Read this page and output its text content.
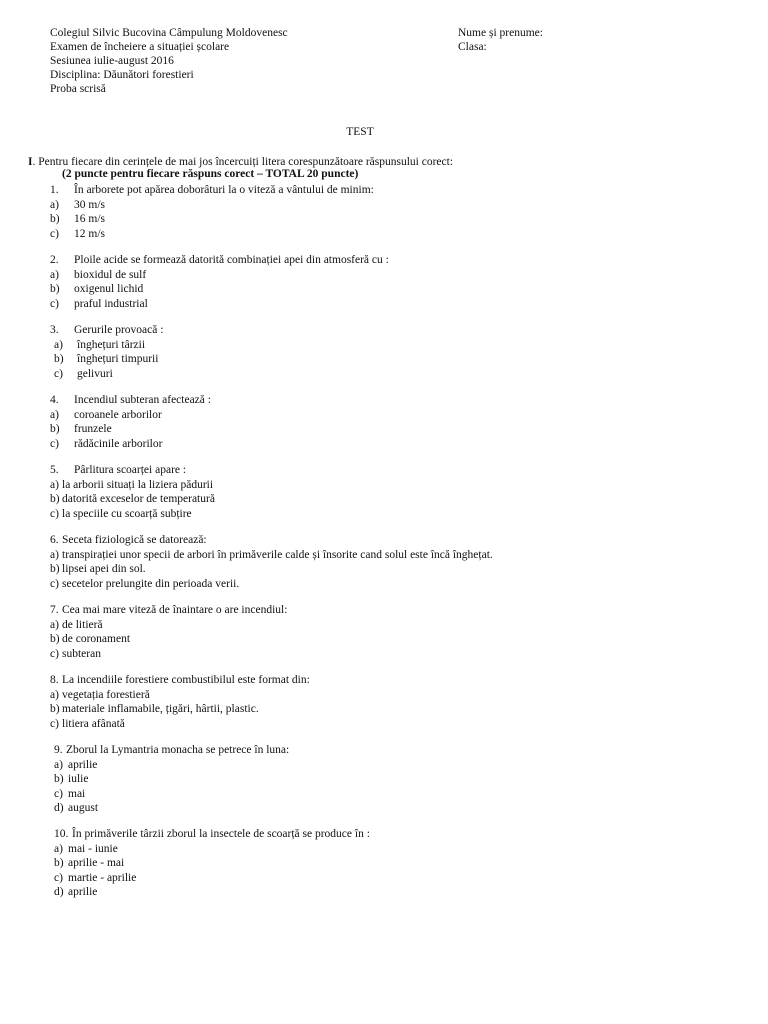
Colegiul Silvic Bucovina Câmpulung Moldovenesc
Examen de încheiere a situației școlare
Sesiunea iulie-august 2016
Disciplina: Dăunători forestieri
Proba scrisă
Nume și prenume:
Clasa:
TEST
I. Pentru fiecare din cerințele de mai jos încercuiți litera corespunzătoare răspunsului corect:
(2 puncte pentru fiecare răspuns corect – TOTAL 20 puncte)
1. În arborete pot apărea doborâturi la o viteză a vântului de minim:
a) 30 m/s
b) 16 m/s
c) 12 m/s
2. Ploile acide se formează datorită combinației apei din atmosferă cu :
a) bioxidul de sulf
b) oxigenul lichid
c) praful industrial
3. Gerurile provoacă :
a) înghețuri târzii
b) înghețuri timpurii
c) gelivuri
4. Incendiul subteran afectează :
a) coroanele arborilor
b) frunzele
c) rădăcinile arborilor
5. Pârlitura scoarței apare :
a) la arborii situați la liziera pădurii
b) datorită exceselor de temperatură
c) la speciile cu scoarță subțire
6. Seceta fiziologică se datorează:
a) transpirației unor specii de arbori în primăverile calde și însorite cand solul este încă înghețat.
b) lipsei apei din sol.
c) secetelor prelungite din perioada verii.
7. Cea mai mare viteză de înaintare o are incendiul:
a) de litieră
b) de coronament
c) subteran
8. La incendiile forestiere combustibilul este format din:
a) vegetația forestieră
b) materiale inflamabile, țigări, hârtii, plastic.
c) litiera afânată
9. Zborul la Lymantria monacha se petrece în luna:
a) aprilie
b) iulie
c) mai
d) august
10. În primăverile târzii zborul la insectele de scoarță se produce în :
a) mai - iunie
b) aprilie - mai
c) martie - aprilie
d) aprilie
